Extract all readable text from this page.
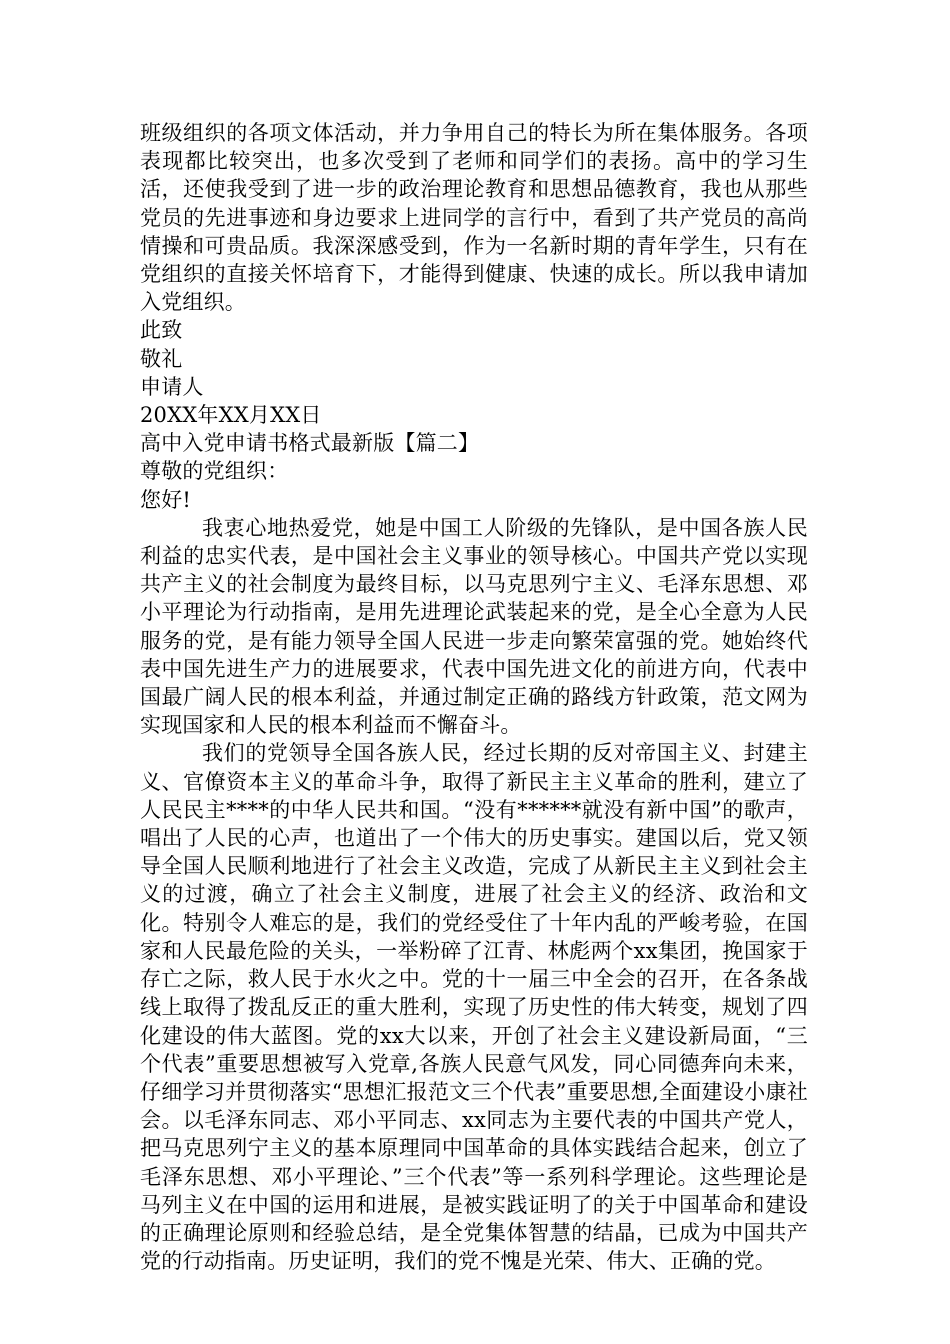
班级组织的各项文体活动，并力争用自己的特长为所在集体服务。各项表现都比较突出，也多次受到了老师和同学们的表扬。高中的学习生活，还使我受到了进一步的政治理论教育和思想品德教育，我也从那些党员的先进事迹和身边要求上进同学的言行中，看到了共产党员的高尚情操和可贵品质。我深深感受到，作为一名新时期的青年学生，只有在党组织的直接关怀培育下，才能得到健康、快速的成长。所以我申请加入党组织。

此致

敬礼

申请人

20XX年XX月XX日

高中入党申请书格式最新版【篇二】

尊敬的党组织：

您好!

我衷心地热爱党，她是中国工人阶级的先锋队，是中国各族人民利益的忠实代表，是中国社会主义事业的领导核心。中国共产党以实现共产主义的社会制度为最终目标，以马克思列宁主义、毛泽东思想、邓小平理论为行动指南，是用先进理论武装起来的党，是全心全意为人民服务的党，是有能力领导全国人民进一步走向繁荣富强的党。她始终代表中国先进生产力的进展要求，代表中国先进文化的前进方向，代表中国最广阔人民的根本利益，并通过制定正确的路线方针政策，范文网为实现国家和人民的根本利益而不懈奋斗。

我们的党领导全国各族人民，经过长期的反对帝国主义、封建主义、官僚资本主义的革命斗争，取得了新民主主义革命的胜利，建立了人民民主****的中华人民共和国。“没有******就没有新中国”的歌声，唱出了人民的心声，也道出了一个伟大的历史事实。建国以后，党又领导全国人民顺利地进行了社会主义改造，完成了从新民主主义到社会主义的过渡，确立了社会主义制度，进展了社会主义的经济、政治和文化。特别令人难忘的是，我们的党经受住了十年内乱的严峻考验，在国家和人民最危险的关头，一举粉碎了江青、林彪两个xx集团，挽国家于存亡之际，救人民于水火之中。党的十一届三中全会的召开，在各条战线上取得了拨乱反正的重大胜利，实现了历史性的伟大转变，规划了四化建设的伟大蓝图。党的xx大以来，开创了社会主义建设新局面，“三个代表”重要思想被写入党章,各族人民意气风发，同心同德奔向未来，仔细学习并贯彻落实“思想汇报范文三个代表”重要思想,全面建设小康社会。以毛泽东同志、邓小平同志、xx同志为主要代表的中国共产党人，把马克思列宁主义的基本原理同中国革命的具体实践结合起来，创立了毛泽东思想、邓小平理论、”三个代表”等一系列科学理论。这些理论是马列主义在中国的运用和进展，是被实践证明了的关于中国革命和建设的正确理论原则和经验总结，是全党集体智慧的结晶，已成为中国共产党的行动指南。历史证明，我们的党不愧是光荣、伟大、正确的党。
